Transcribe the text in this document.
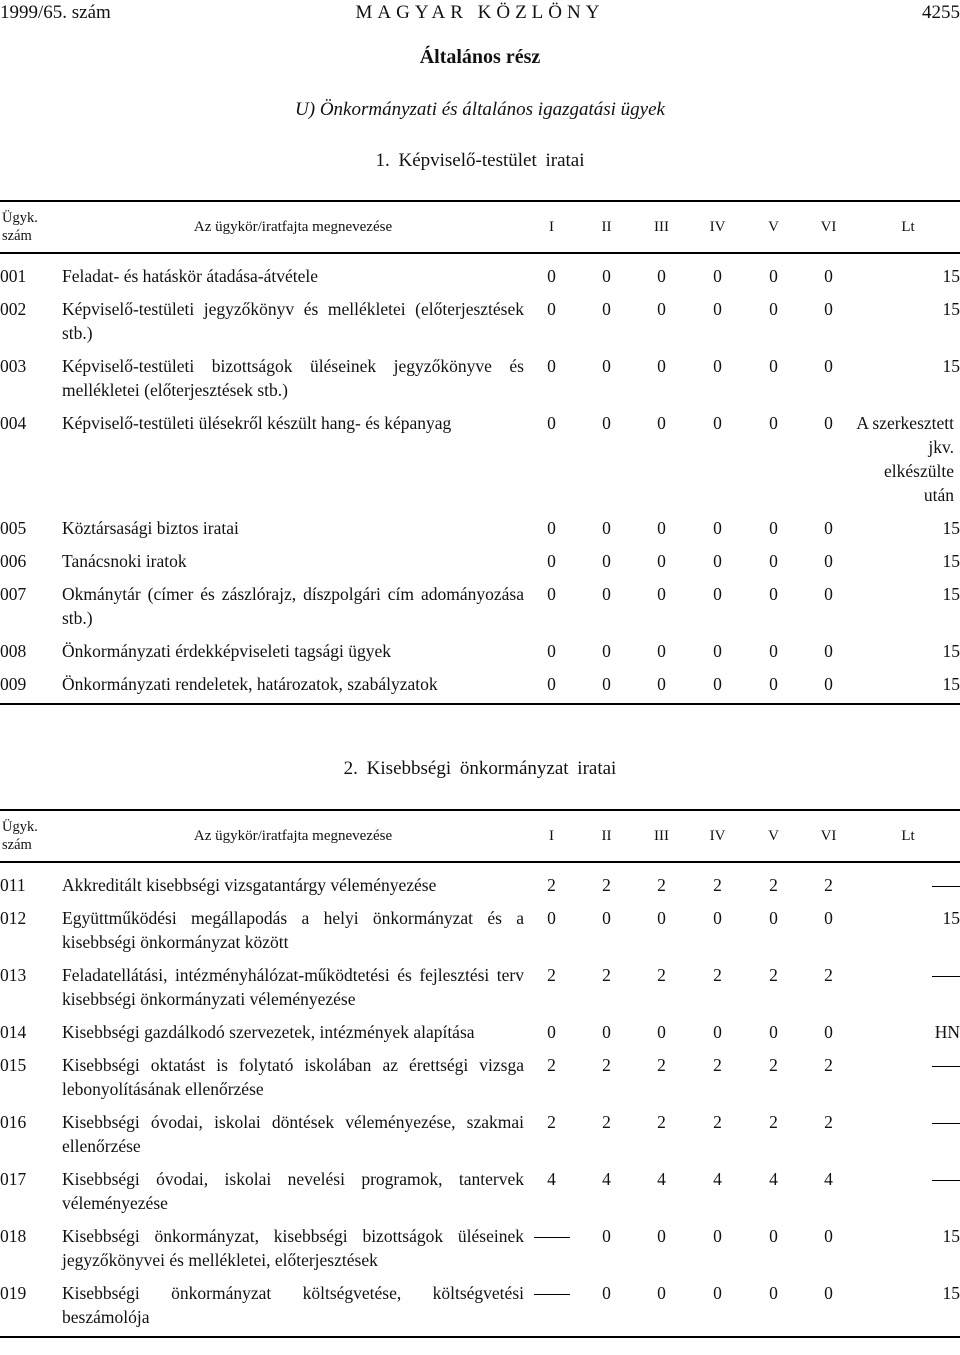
1999/65. szám	MAGYAR KÖZLÖNY	4255
Általános rész
U) Önkormányzati és általános igazgatási ügyek
1. Képviselő-testület iratai
2. Kisebbségi önkormányzat iratai
Ügyk.
szám	Az ügykör/iratfajta megnevezése	I	II	III	IV	V	VI	Lt
001	Feladat- és hatáskör átadása-átvétele	0	0	0	0	0	0	15
002	Képviselő-testületi jegyzőkönyv és mellékletei (előterjesztések stb.)	0	0	0	0	0	0	15
003	Képviselő-testületi bizottságok üléseinek jegyzőkönyve és mellékletei (előterjesztések stb.)	0	0	0	0	0	0	15
004	Képviselő-testületi ülésekről készült hang- és képanyag	0	0	0	0	0	0	A szerkesztett jkv. elkészülte után
005	Köztársasági biztos iratai	0	0	0	0	0	0	15
006	Tanácsnoki iratok	0	0	0	0	0	0	15
007	Okmánytár (címer és zászlórajz, díszpolgári cím adományozása stb.)	0	0	0	0	0	0	15
008	Önkormányzati érdekképviseleti tagsági ügyek	0	0	0	0	0	0	15
009	Önkormányzati rendeletek, határozatok, szabályzatok	0	0	0	0	0	0	15
Ügyk.
szám	Az ügykör/iratfajta megnevezése	I	II	III	IV	V	VI	Lt
011	Akkreditált kisebbségi vizsgatantárgy véleményezése	2	2	2	2	2	2	
012	Együttműködési megállapodás a helyi önkormányzat és a kisebbségi önkormányzat között	0	0	0	0	0	0	15
013	Feladatellátási, intézményhálózat-működtetési és fejlesztési terv kisebbségi önkormányzati véleményezése	2	2	2	2	2	2	
014	Kisebbségi gazdálkodó szervezetek, intézmények alapítása	0	0	0	0	0	0	HN
015	Kisebbségi oktatást is folytató iskolában az érettségi vizsga lebonyolításának ellenőrzése	2	2	2	2	2	2	
016	Kisebbségi óvodai, iskolai döntések véleményezése, szakmai ellenőrzése	2	2	2	2	2	2	
017	Kisebbségi óvodai, iskolai nevelési programok, tantervek véleményezése	4	4	4	4	4	4	
018	Kisebbségi önkormányzat, kisebbségi bizottságok üléseinek jegyzőkönyvei és mellékletei, előterjesztések		0	0	0	0	0	15
019	Kisebbségi önkormányzat költségvetése, költségvetési beszámolója		0	0	0	0	0	15
